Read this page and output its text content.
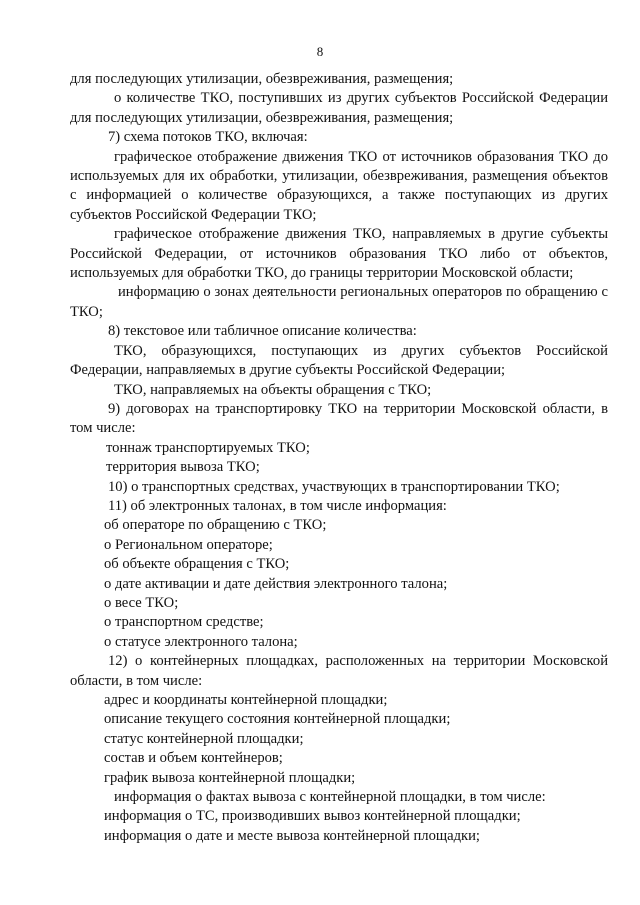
8

для последующих утилизации, обезвреживания, размещения;

о количестве ТКО, поступивших из других субъектов Российской Федерации для последующих утилизации, обезвреживания, размещения;

7) схема потоков ТКО, включая:

графическое отображение движения ТКО от источников образования ТКО до используемых для их обработки, утилизации, обезвреживания, размещения объектов с информацией о количестве образующихся, а также поступающих из других субъектов Российской Федерации ТКО;

графическое отображение движения ТКО, направляемых в другие субъекты Российской Федерации, от источников образования ТКО либо от объектов, используемых для обработки ТКО, до границы территории Московской области;

информацию о зонах деятельности региональных операторов по обращению с ТКО;

8) текстовое или табличное описание количества:

ТКО, образующихся, поступающих из других субъектов Российской Федерации, направляемых в другие субъекты Российской Федерации;

ТКО, направляемых на объекты обращения с ТКО;

9) договорах на транспортировку ТКО на территории Московской области, в том числе:

тоннаж транспортируемых ТКО;

территория вывоза ТКО;

10) о транспортных средствах, участвующих в транспортировании ТКО;

11) об электронных талонах, в том числе информация:

об операторе по обращению с ТКО;

о Региональном операторе;

об объекте обращения с ТКО;

о дате активации и дате действия электронного талона;

о весе ТКО;

о транспортном средстве;

о статусе электронного талона;

12) о контейнерных площадках, расположенных на территории Московской области, в том числе:

адрес и координаты контейнерной площадки;

описание текущего состояния контейнерной площадки;

статус контейнерной площадки;

состав и объем контейнеров;

график вывоза контейнерной площадки;

информация о фактах вывоза с контейнерной площадки, в том числе:

информация о ТС, производивших вывоз контейнерной площадки;

информация о дате и месте вывоза контейнерной площадки;
